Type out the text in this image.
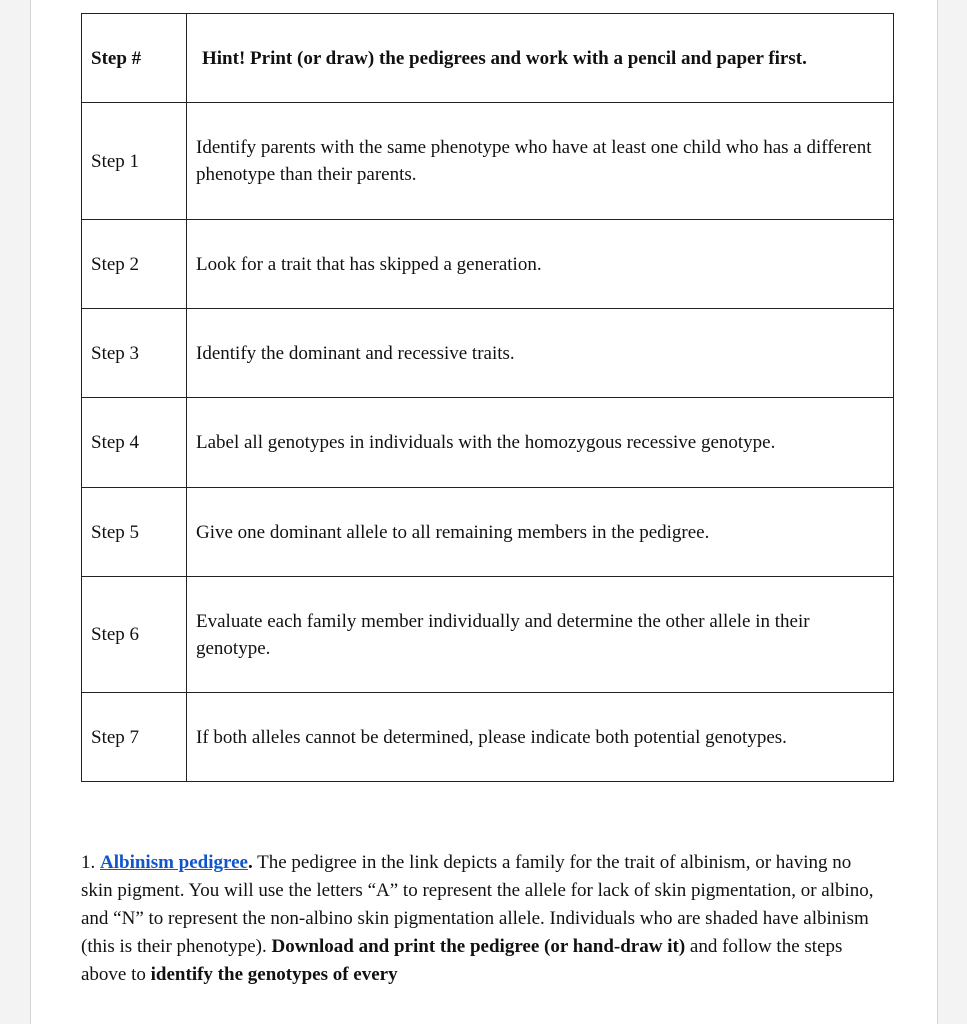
Step #	Hint! Print (or draw) the pedigrees and work with a pencil and paper first.
Step 1	Identify parents with the same phenotype who have at least one child who has a different phenotype than their parents.
Step 2	Look for a trait that has skipped a generation.
Step 3	Identify the dominant and recessive traits.
Step 4	Label all genotypes in individuals with the homozygous recessive genotype.
Step 5	Give one dominant allele to all remaining members in the pedigree.
Step 6	Evaluate each family member individually and determine the other allele in their genotype.
Step 7	If both alleles cannot be determined, please indicate both potential genotypes.
1. Albinism pedigree. The pedigree in the link depicts a family for the trait of albinism, or having no skin pigment. You will use the letters “A” to represent the allele for lack of skin pigmentation, or albino, and “N” to represent the non-albino skin pigmentation allele. Individuals who are shaded have albinism (this is their phenotype). Download and print the pedigree (or hand-draw it) and follow the steps above to identify the genotypes of every
